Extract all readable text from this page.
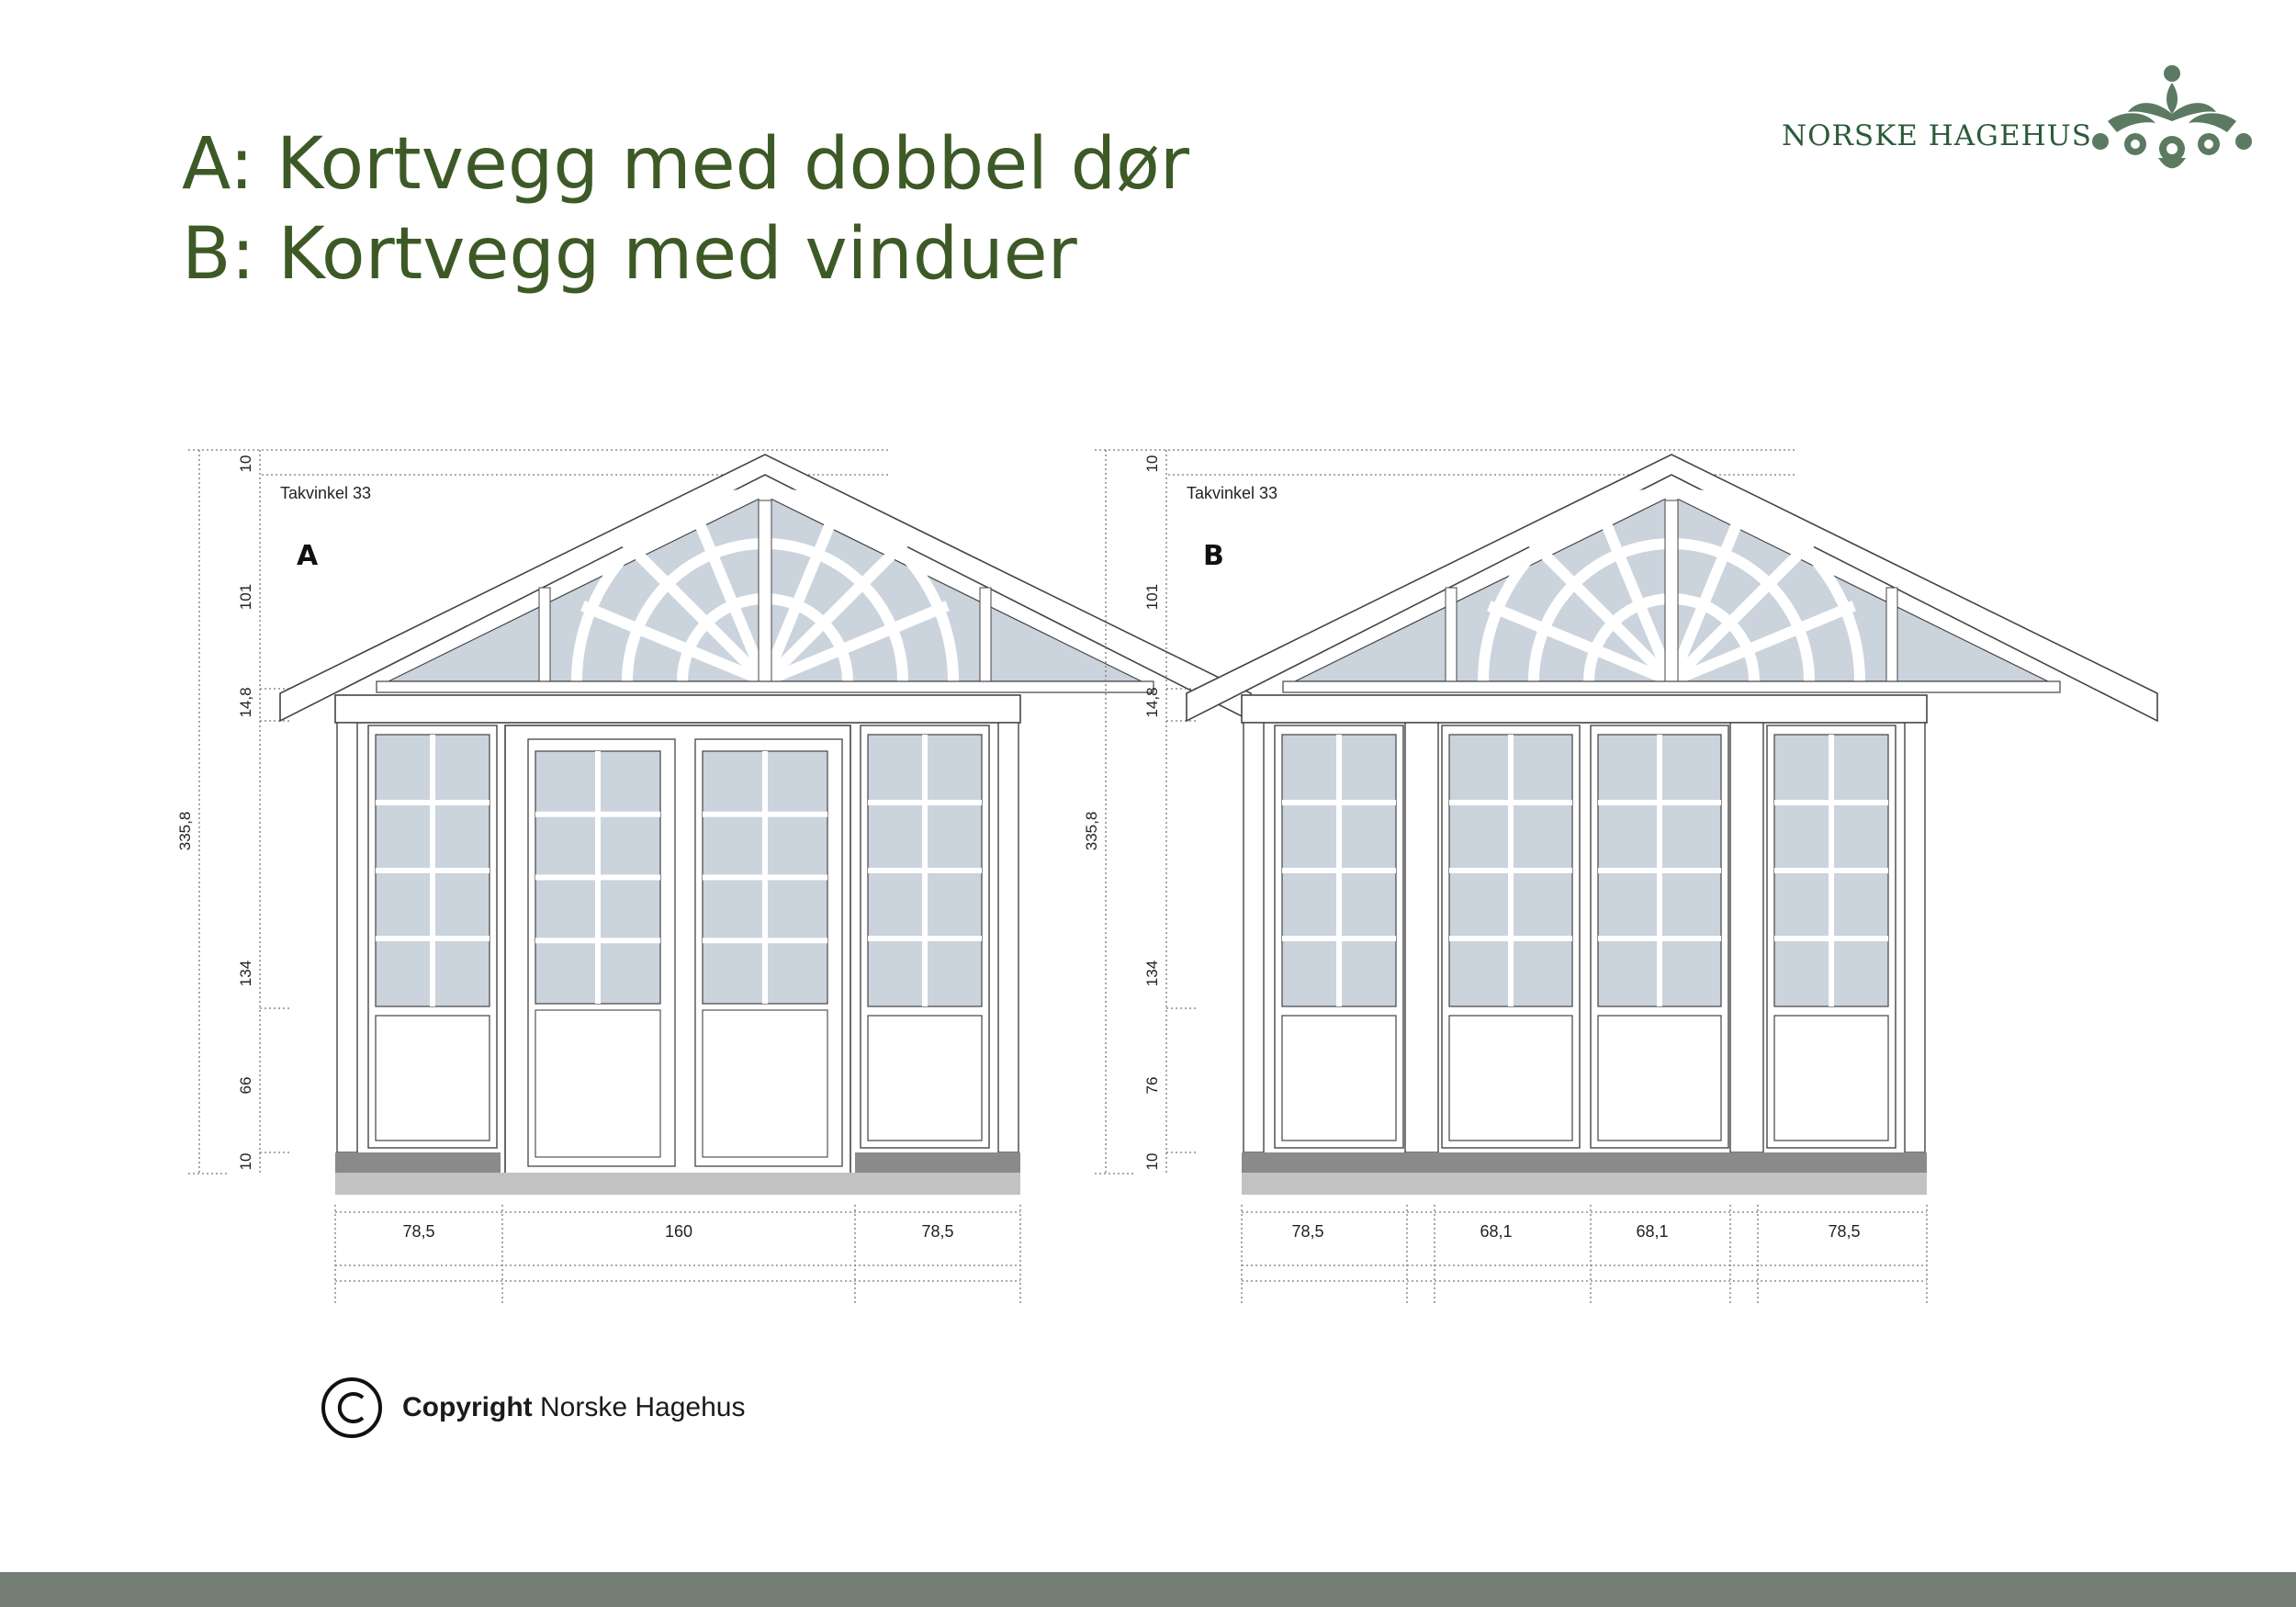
A: Kortvegg med dobbel dør
B: Kortvegg med vinduer
NORSKE HAGEHUS
10
101
14,8
134
66
10
335,8
Takvinkel 33
A
78,5	160	78,5
10
101
14,8
134
76
10
335,8
Takvinkel 33
B
78,5	68,1	68,1	78,5
Copyright Norske Hagehus
